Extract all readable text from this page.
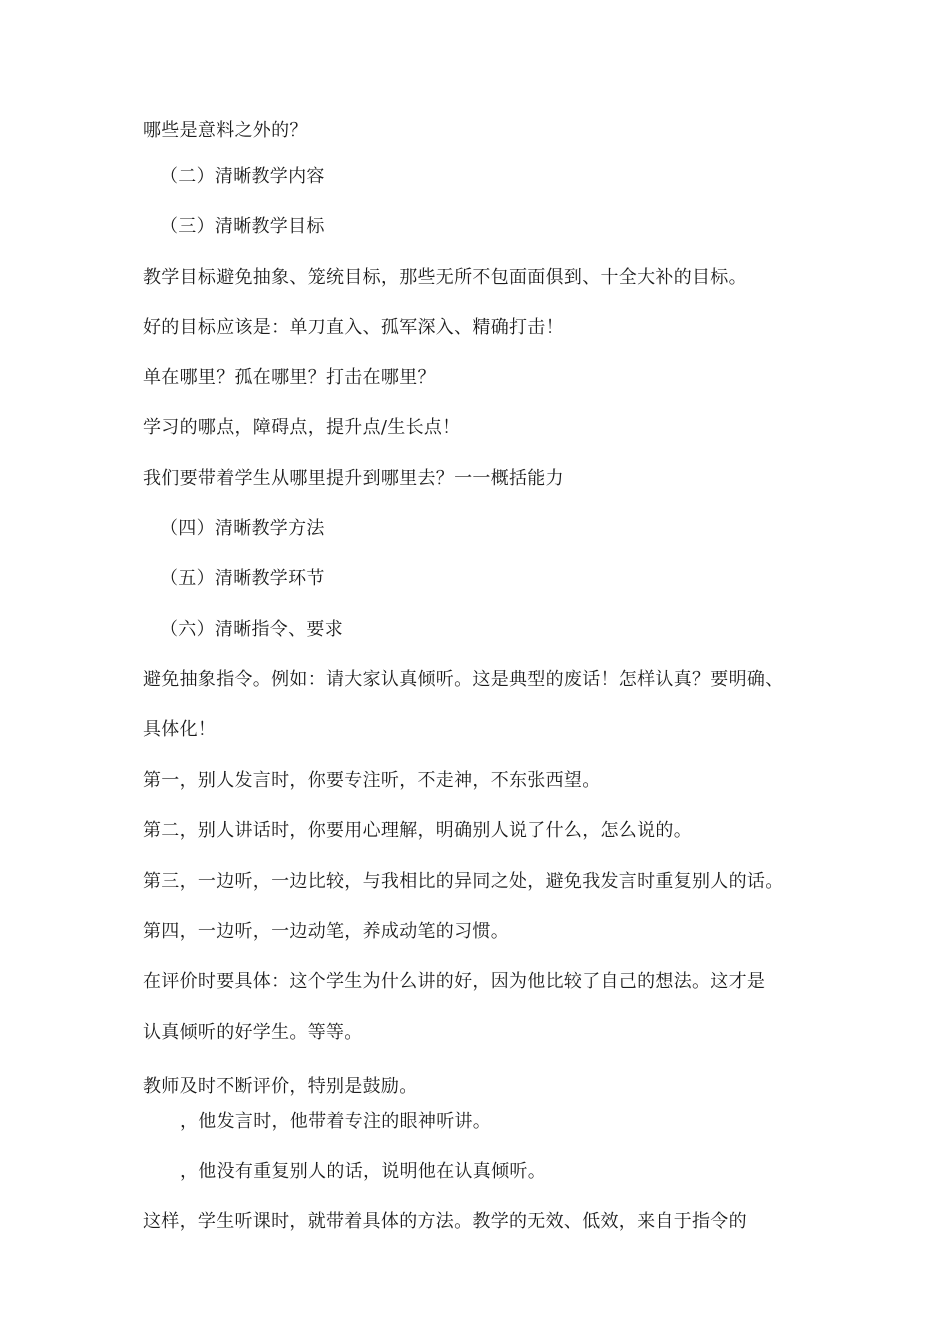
哪些是意料之外的？
（二）清晰教学内容
（三）清晰教学目标
教学目标避免抽象、笼统目标，那些无所不包面面俱到、十全大补的目标。
好的目标应该是：单刀直入、孤军深入、精确打击！
单在哪里？孤在哪里？打击在哪里？
学习的哪点，障碍点，提升点/生长点！
我们要带着学生从哪里提升到哪里去？一一概括能力
（四）清晰教学方法
（五）清晰教学环节
（六）清晰指令、要求
避免抽象指令。例如：请大家认真倾听。这是典型的废话！怎样认真？要明确、
具体化！
第一，别人发言时，你要专注听，不走神，不东张西望。
第二，别人讲话时，你要用心理解，明确别人说了什么，怎么说的。
第三，一边听，一边比较，与我相比的异同之处，避免我发言时重复别人的话。
第四，一边听，一边动笔，养成动笔的习惯。
在评价时要具体：这个学生为什么讲的好，因为他比较了自己的想法。这才是
认真倾听的好学生。等等。
教师及时不断评价，特别是鼓励。
，他发言时，他带着专注的眼神听讲。
，他没有重复别人的话，说明他在认真倾听。
这样，学生听课时，就带着具体的方法。教学的无效、低效，来自于指令的
